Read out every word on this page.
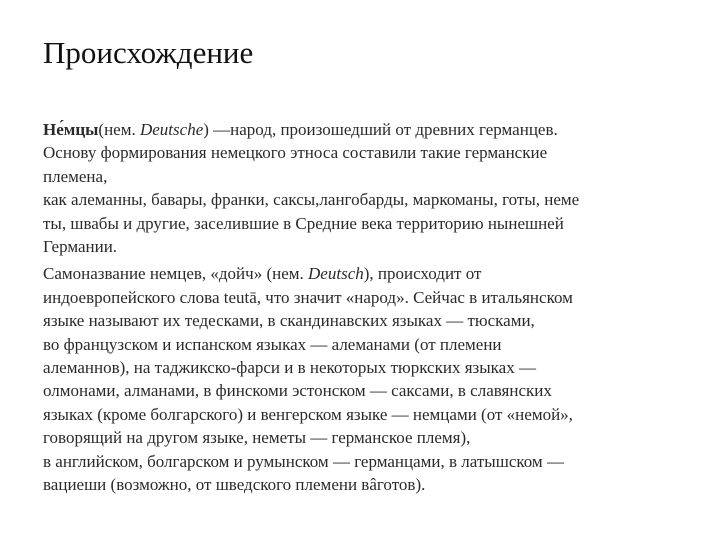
Происхождение
Не́мцы(нем. Deutsche) —народ, произошедший от древних германцев.
Основу формирования немецкого этноса составили такие германские
племена,
как алеманны, бавары, франки, саксы,лангобарды, маркоманы, готы, неме
ты, швабы и другие, заселившие в Средние века территорию нынешней
Германии.
Самоназвание немцев, «дойч» (нем. Deutsch), происходит от
индоевропейского слова teutā, что значит «народ». Сейчас в итальянском
языке называют их тедесками, в скандинавских языках — тюсками,
во французском и испанском языках — алеманами (от племени
алеманнов), на таджикско-фарси и в некоторых тюркских языках —
олмонами, алманами, в финскоми эстонском — саксами, в славянских
языках (кроме болгарского) и венгерском языке — немцами (от «немой»,
говорящий на другом языке, неметы — германское племя),
в английском, болгарском и румынском — германцами, в латышском —
вациеши (возможно, от шведского племени вâготов).
